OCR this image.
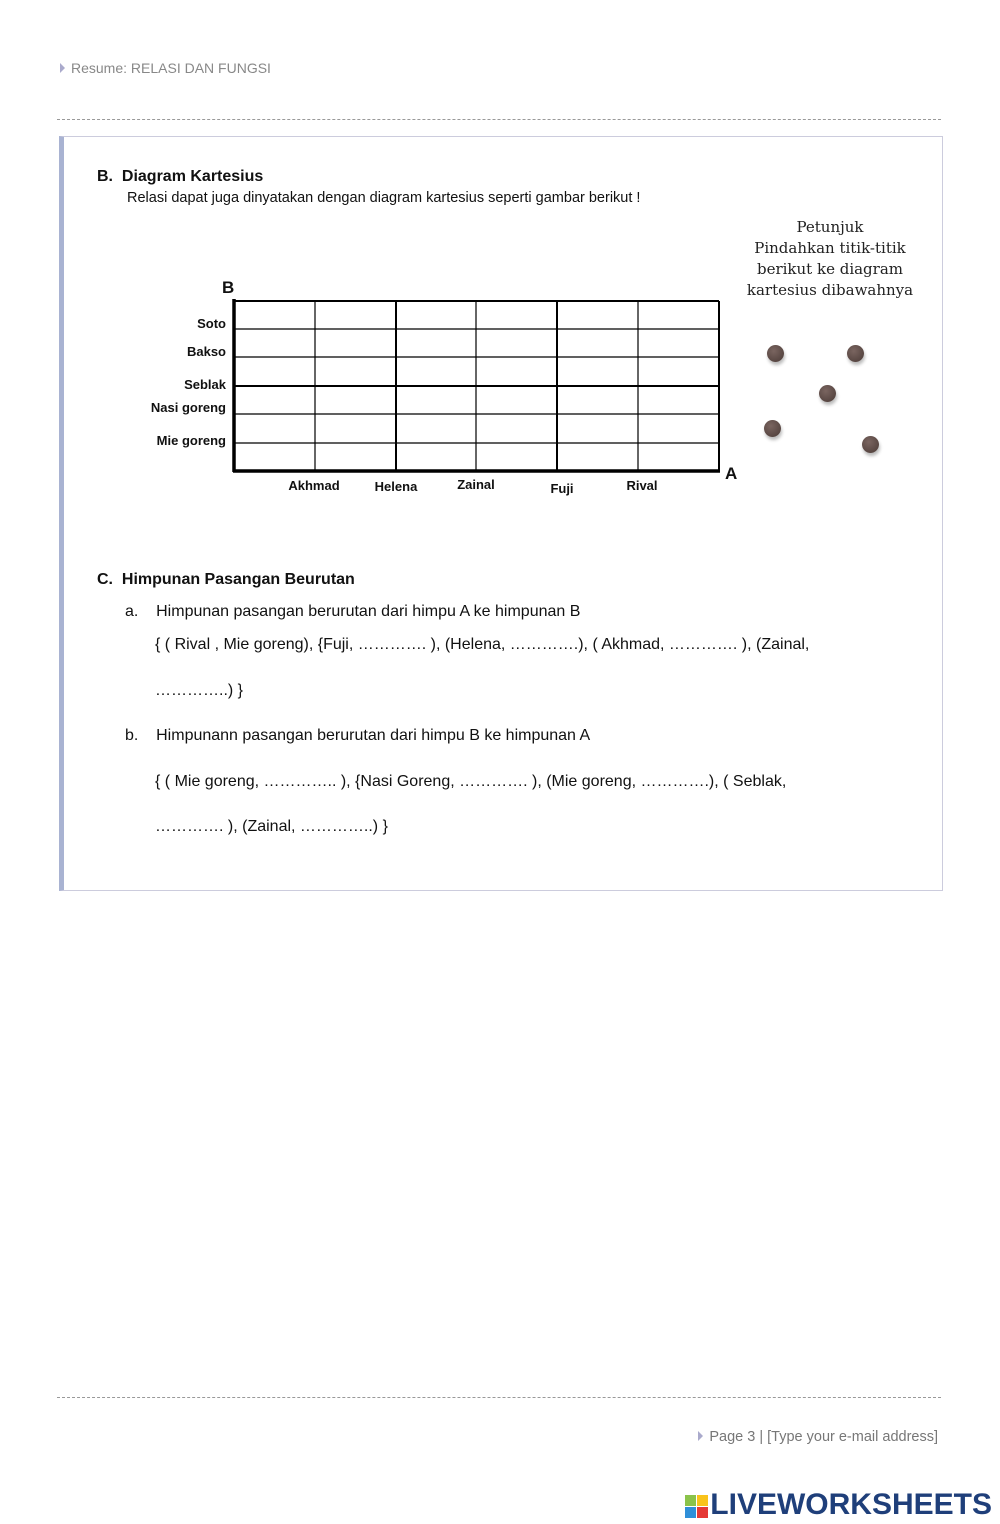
Resume: RELASI DAN FUNGSI
B. Diagram Kartesius
Relasi dapat juga dinyatakan dengan diagram kartesius seperti gambar berikut !
Petunjuk
Pindahkan titik-titik
berikut ke diagram
kartesius dibawahnya
B
A
Soto
Bakso
Seblak
Nasi goreng
Mie goreng
Akhmad	Helena	Zainal	Fuji	Rival
C. Himpunan Pasangan Beurutan
a. Himpunan pasangan berurutan dari himpu A ke himpunan B
{ ( Rival , Mie goreng), {Fuji, …………. ), (Helena, ………….), ( Akhmad, …………. ), (Zainal,
…………..) }
b. Himpunann pasangan berurutan dari himpu B ke himpunan A
{ ( Mie goreng, ………….. ), {Nasi Goreng, …………. ), (Mie goreng, ………….), ( Seblak,
…………. ), (Zainal, …………..) }
Page 3 | [Type your e-mail address]
LIVEWORKSHEETS
